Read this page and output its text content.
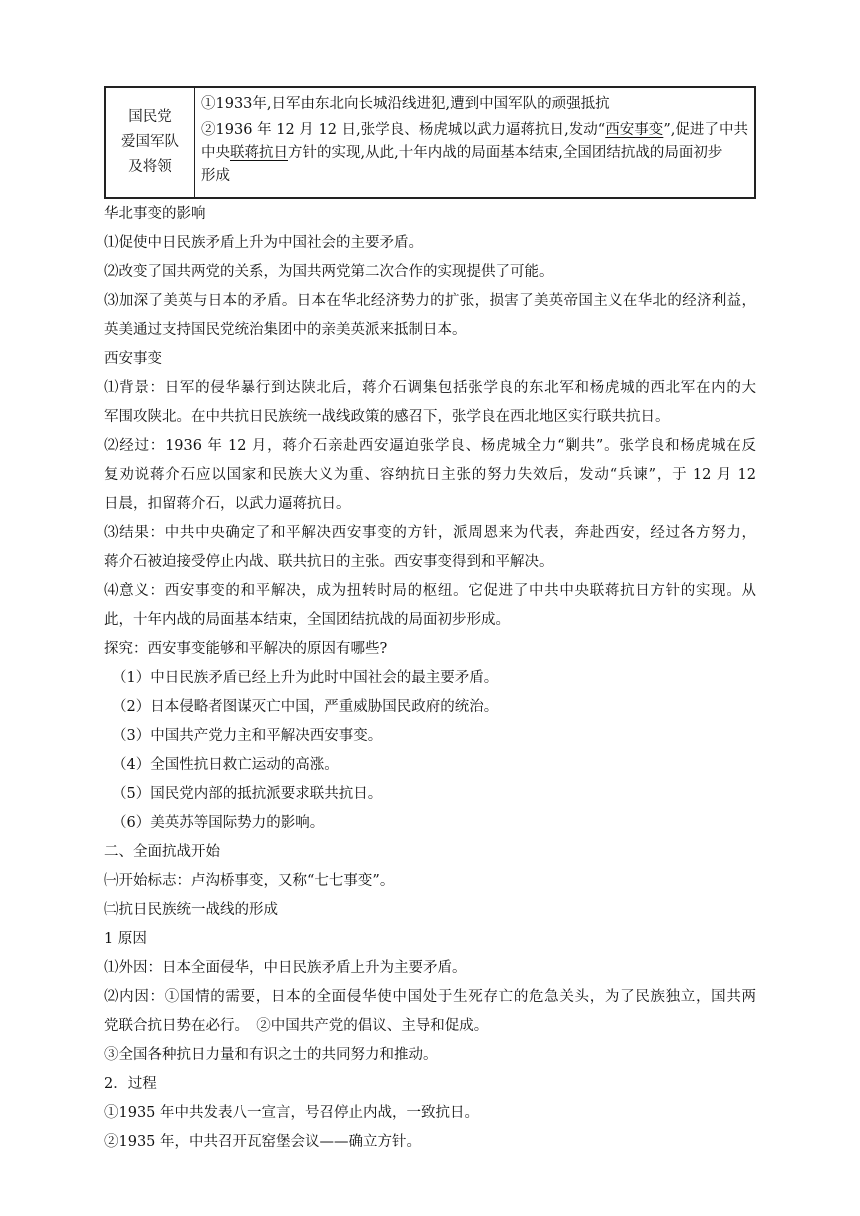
国民党
爱国军队
及将领
①1933年,日军由东北向长城沿线进犯,遭到中国军队的顽强抵抗
②1936 年 12 月 12 日,张学良、杨虎城以武力逼蒋抗日,发动“西安事变”,促进了中共
中央联蒋抗日方针的实现,从此,十年内战的局面基本结束,全国团结抗战的局面初步
形成
华北事变的影响
⑴促使中日民族矛盾上升为中国社会的主要矛盾。
⑵改变了国共两党的关系，为国共两党第二次合作的实现提供了可能。
⑶加深了美英与日本的矛盾。日本在华北经济势力的扩张，损害了美英帝国主义在华北的经济利益，
英美通过支持国民党统治集团中的亲美英派来抵制日本。
西安事变
⑴背景：日军的侵华暴行到达陕北后，蒋介石调集包括张学良的东北军和杨虎城的西北军在内的大
军围攻陕北。在中共抗日民族统一战线政策的感召下，张学良在西北地区实行联共抗日。
⑵经过：1936 年 12 月，蒋介石亲赴西安逼迫张学良、杨虎城全力“剿共”。张学良和杨虎城在反
复劝说蒋介石应以国家和民族大义为重、容纳抗日主张的努力失效后，发动“兵谏”，于 12 月 12
日晨，扣留蒋介石，以武力逼蒋抗日。
⑶结果：中共中央确定了和平解决西安事变的方针，派周恩来为代表，奔赴西安，经过各方努力，
蒋介石被迫接受停止内战、联共抗日的主张。西安事变得到和平解决。
⑷意义：西安事变的和平解决，成为扭转时局的枢纽。它促进了中共中央联蒋抗日方针的实现。从
此，十年内战的局面基本结束，全国团结抗战的局面初步形成。
探究：西安事变能够和平解决的原因有哪些?
（1）中日民族矛盾已经上升为此时中国社会的最主要矛盾。
（2）日本侵略者图谋灭亡中国，严重威胁国民政府的统治。
（3）中国共产党力主和平解决西安事变。
（4）全国性抗日救亡运动的高涨。
（5）国民党内部的抵抗派要求联共抗日。
（6）美英苏等国际势力的影响。
二、全面抗战开始
㈠开始标志：卢沟桥事变，又称“七七事变”。
㈡抗日民族统一战线的形成
1 原因
⑴外因：日本全面侵华，中日民族矛盾上升为主要矛盾。
⑵内因：①国情的需要，日本的全面侵华使中国处于生死存亡的危急关头，为了民族独立，国共两
党联合抗日势在必行。　②中国共产党的倡议、主导和促成。
③全国各种抗日力量和有识之士的共同努力和推动。
2．过程
①1935 年中共发表八一宣言，号召停止内战，一致抗日。
②1935 年，中共召开瓦窑堡会议——确立方针。
